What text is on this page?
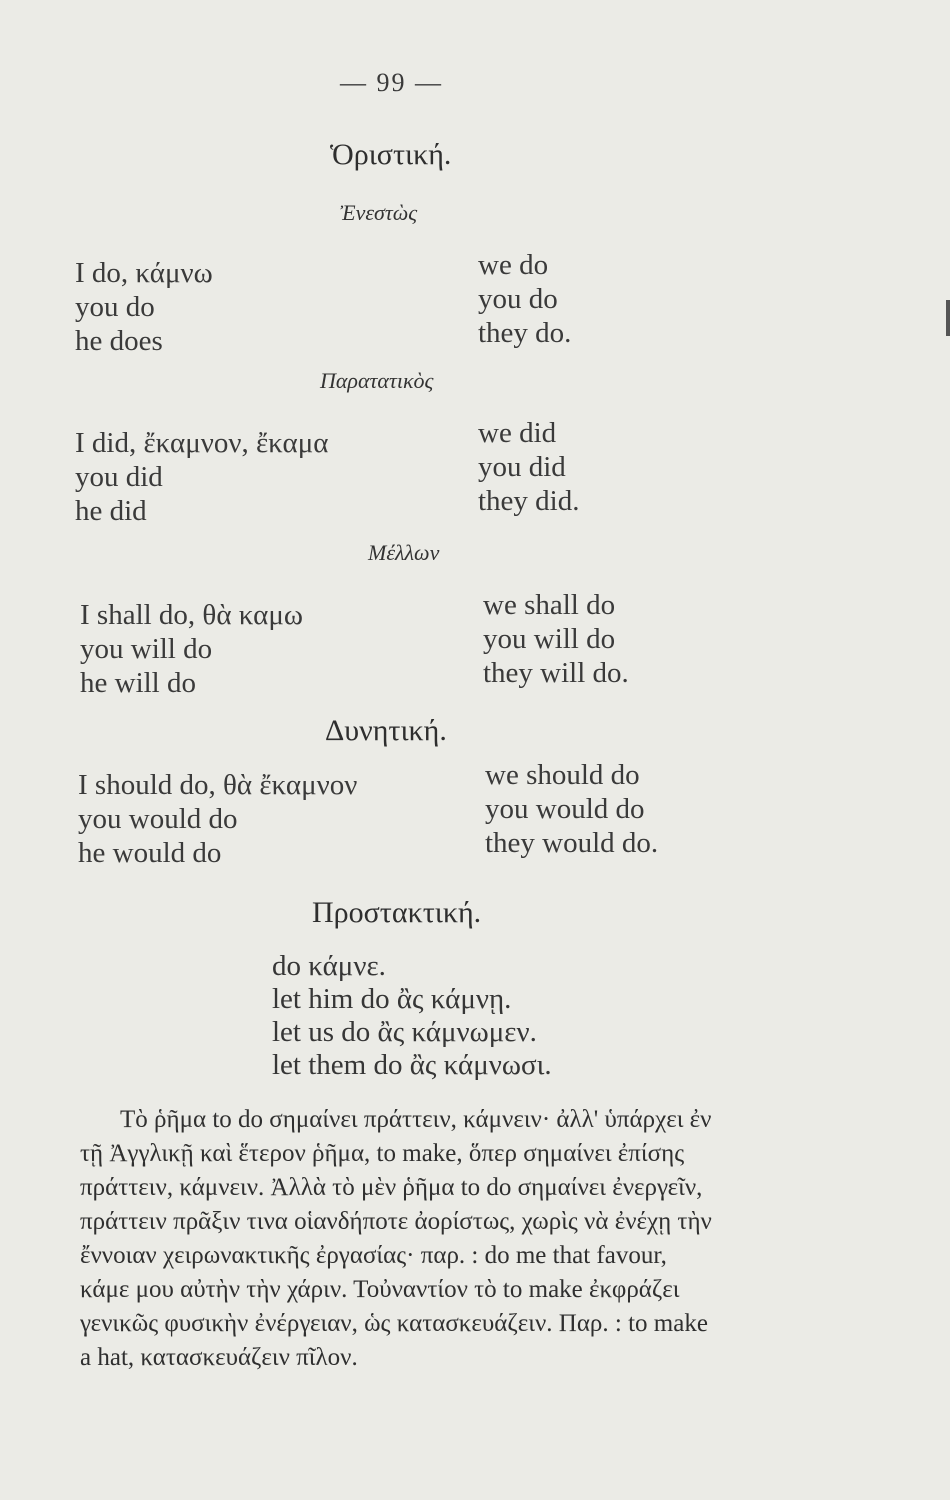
— 99 —
Ὁριστική.
Ἐνεστὼς
I do, κάμνω
you do
he does
we do
you do
they do.
Παρατατικὸς
I did, ἔκαμνον, ἔκαμα
you did
he did
we did
you did
they did.
Μέλλων
I shall do, θὰ καμω
you will do
he will do
we shall do
you will do
they will do.
Δυνητική.
I should do, θὰ ἔκαμνον
you would do
he would do
we should do
you would do
they would do.
Προστακτική.
do κάμνε.
let him do ἂς κάμνῃ.
let us do ἂς κάμνωμεν.
let them do ἂς κάμνωσι.
Τὸ ῥῆμα to do σημαίνει πράττειν, κάμνειν· ἀλλ' ὑπάρχει ἐν
τῇ Ἀγγλικῇ καὶ ἕτερον ῥῆμα, to make, ὅπερ σημαίνει ἐπίσης
πράττειν, κάμνειν. Ἀλλὰ τὸ μὲν ῥῆμα to do σημαίνει ἐνεργεῖν,
πράττειν πρᾶξιν τινα οἱανδήποτε ἀορίστως, χωρὶς νὰ ἐνέχῃ τὴν
ἔννοιαν χειρωνακτικῆς ἐργασίας· παρ. : do me that favour,
κάμε μου αὐτὴν τὴν χάριν. Τοὐναντίον τὸ to make ἐκφράζει
γενικῶς φυσικὴν ἐνέργειαν, ὡς κατασκευάζειν. Παρ. : to make
a hat, κατασκευάζειν πῖλον.
